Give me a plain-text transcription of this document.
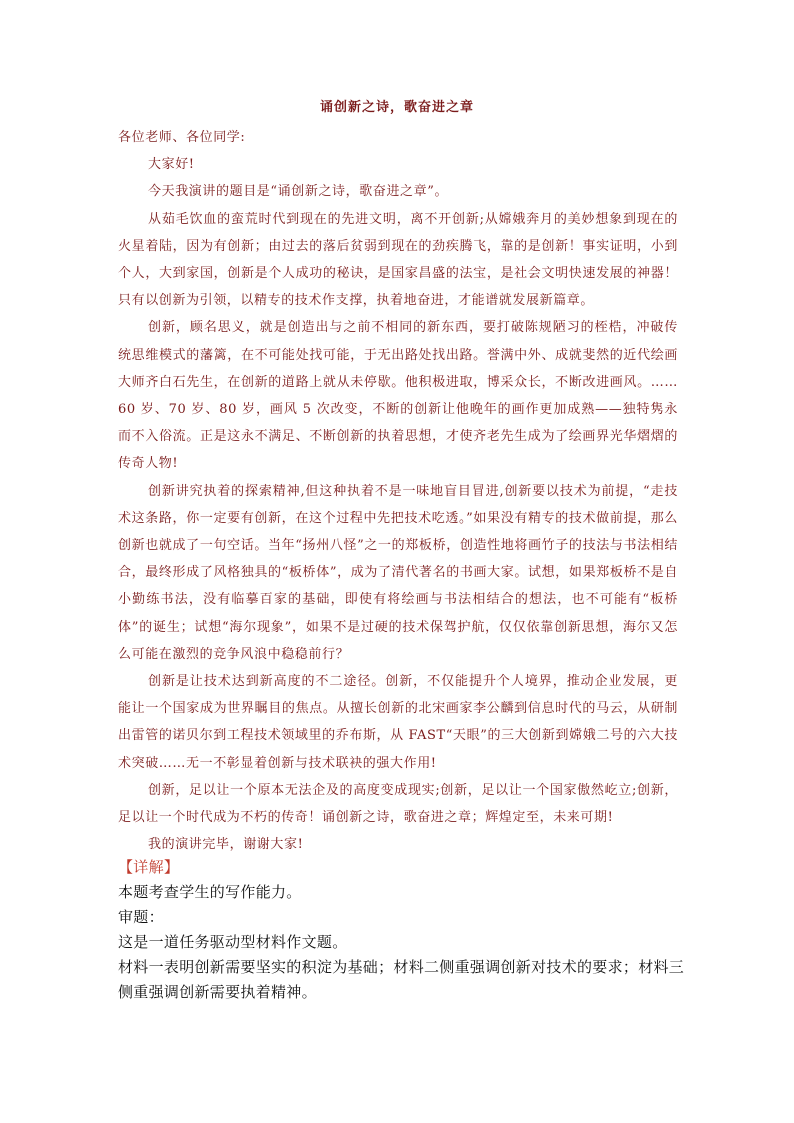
诵创新之诗，歌奋进之章

各位老师、各位同学:

大家好!

今天我演讲的题目是“诵创新之诗，歌奋进之章”。

从茹毛饮血的蛮荒时代到现在的先进文明，离不开创新;从嫦娥奔月的美妙想象到现在的火星着陆，因为有创新；由过去的落后贫弱到现在的劲疾腾飞，靠的是创新！事实证明，小到个人，大到家国，创新是个人成功的秘诀，是国家昌盛的法宝，是社会文明快速发展的神器！只有以创新为引领，以精专的技术作支撑，执着地奋进，才能谱就发展新篇章。

创新，顾名思义，就是创造出与之前不相同的新东西，要打破陈规陋习的桎梏，冲破传统思维模式的藩篱，在不可能处找可能，于无出路处找出路。誉满中外、成就斐然的近代绘画大师齐白石先生，在创新的道路上就从未停歇。他积极进取，博采众长，不断改进画风。……60 岁、70 岁、80 岁，画风 5 次改变，不断的创新让他晚年的画作更加成熟——独特隽永而不入俗流。正是这永不满足、不断创新的执着思想，才使齐老先生成为了绘画界光华熠熠的传奇人物!

创新讲究执着的探索精神,但这种执着不是一味地盲目冒进,创新要以技术为前提，“走技术这条路，你一定要有创新，在这个过程中先把技术吃透。”如果没有精专的技术做前提，那么创新也就成了一句空话。当年“扬州八怪”之一的郑板桥，创造性地将画竹子的技法与书法相结合，最终形成了风格独具的“板桥体”，成为了清代著名的书画大家。试想，如果郑板桥不是自小勤练书法，没有临摹百家的基础，即使有将绘画与书法相结合的想法，也不可能有“板桥体”的诞生；试想“海尔现象”，如果不是过硬的技术保驾护航，仅仅依靠创新思想，海尔又怎么可能在激烈的竞争风浪中稳稳前行？

创新是让技术达到新高度的不二途径。创新，不仅能提升个人境界，推动企业发展，更能让一个国家成为世界瞩目的焦点。从擅长创新的北宋画家李公麟到信息时代的马云，从研制出雷管的诺贝尔到工程技术领域里的乔布斯，从 FAST“天眼”的三大创新到嫦娥二号的六大技术突破……无一不彰显着创新与技术联袂的强大作用!

创新，足以让一个原本无法企及的高度变成现实;创新，足以让一个国家傲然屹立;创新，足以让一个时代成为不朽的传奇！诵创新之诗，歌奋进之章；辉煌定至，未来可期!

我的演讲完毕，谢谢大家!

【详解】

本题考查学生的写作能力。

审题：

这是一道任务驱动型材料作文题。

材料一表明创新需要坚实的积淀为基础；材料二侧重强调创新对技术的要求；材料三侧重强调创新需要执着精神。
